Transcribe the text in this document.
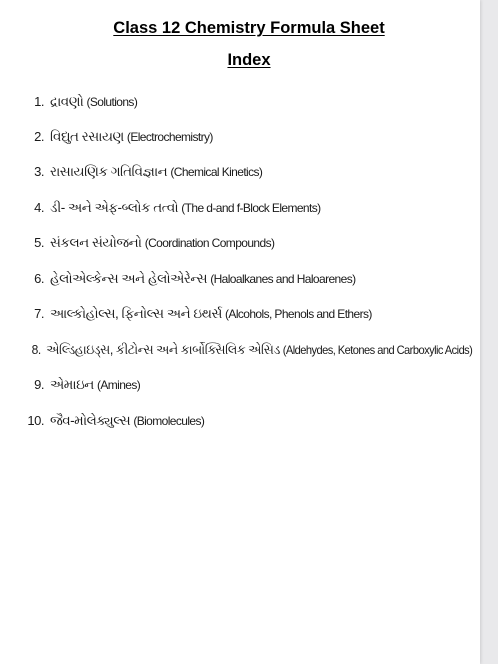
Class 12 Chemistry Formula Sheet
Index
1. દ્રાવણો (Solutions)
2. વિદ્યુત રસાયણ (Electrochemistry)
3. રાસાયણિક ગતિવિજ્ઞાન (Chemical Kinetics)
4. ડી- અને એફ-બ્લોક તત્વો (The d-and f-Block Elements)
5. સંકલન સંયોજનો (Coordination Compounds)
6. હેલોએલ્કેન્સ અને હેલોએરેન્સ (Haloalkanes and Haloarenes)
7. આલ્કોહોલ્સ, ફિનોલ્સ અને ઇથર્સ (Alcohols, Phenols and Ethers)
8. એલ્ડિહાઇડ્સ, કીટોન્સ અને કાર્બોક્સિલિક એસિડ (Aldehydes, Ketones and Carboxylic Acids)
9. એમાઇન (Amines)
10. જૈવ-મોલેક્યુલ્સ (Biomolecules)
